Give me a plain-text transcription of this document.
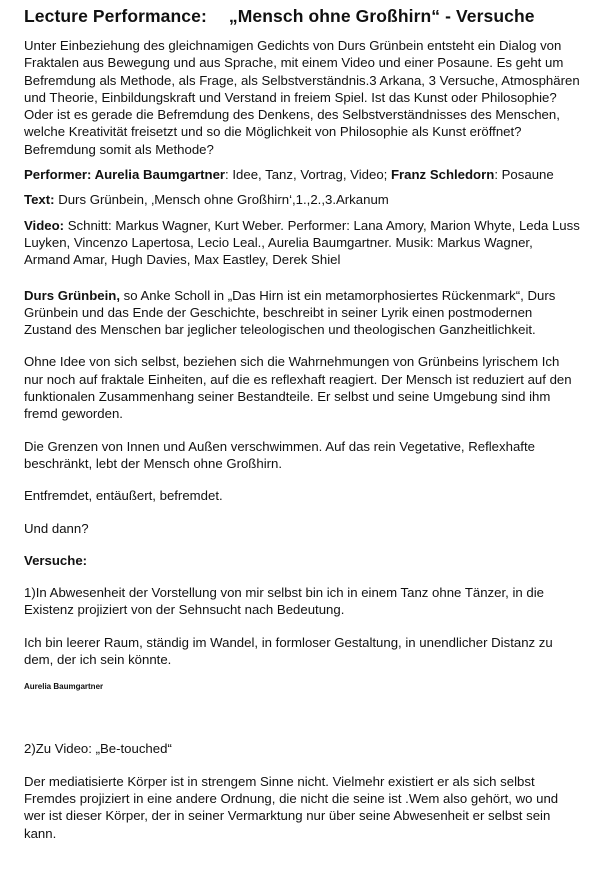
Lecture Performance: „Mensch ohne Großhirn“ - Versuche

Unter Einbeziehung des gleichnamigen Gedichts von Durs Grünbein entsteht ein Dialog von Fraktalen aus Bewegung und aus Sprache, mit einem Video und einer Posaune. Es geht um Befremdung als Methode, als Frage, als Selbstverständnis.3 Arkana, 3 Versuche, Atmosphären und Theorie, Einbildungskraft und Verstand in freiem Spiel. Ist das Kunst oder Philosophie? Oder ist es gerade die Befremdung des Denkens, des Selbstverständnisses des Menschen, welche Kreativität freisetzt und so die Möglichkeit von Philosophie als Kunst eröffnet? Befremdung somit als Methode?

Performer: Aurelia Baumgartner: Idee, Tanz, Vortrag, Video; Franz Schledorn: Posaune

Text: Durs Grünbein, ‚Mensch ohne Großhirn‘,1.,2.,3.Arkanum

Video: Schnitt: Markus Wagner, Kurt Weber. Performer: Lana Amory, Marion Whyte, Leda Luss Luyken, Vincenzo Lapertosa, Lecio Leal., Aurelia Baumgartner. Musik: Markus Wagner, Armand Amar, Hugh Davies, Max Eastley, Derek Shiel

Durs Grünbein, so Anke Scholl in „Das Hirn ist ein metamorphosiertes Rückenmark“, Durs Grünbein und das Ende der Geschichte, beschreibt in seiner Lyrik einen postmodernen Zustand des Menschen bar jeglicher teleologischen und theologischen Ganzheitlichkeit.

Ohne Idee von sich selbst, beziehen sich die Wahrnehmungen von Grünbeins lyrischem Ich nur noch auf fraktale Einheiten, auf die es reflexhaft reagiert. Der Mensch ist reduziert auf den funktionalen Zusammenhang seiner Bestandteile. Er selbst und seine Umgebung sind ihm fremd geworden.

Die Grenzen von Innen und Außen verschwimmen. Auf das rein Vegetative, Reflexhafte beschränkt, lebt der Mensch ohne Großhirn.

Entfremdet, entäußert, befremdet.

Und dann?

Versuche:

1)In Abwesenheit der Vorstellung von mir selbst bin ich in einem Tanz ohne Tänzer, in die Existenz projiziert von der Sehnsucht nach Bedeutung.

Ich bin leerer Raum, ständig im Wandel, in formloser Gestaltung, in unendlicher Distanz zu dem, der ich sein könnte.

Aurelia Baumgartner

2)Zu Video: „Be-touched“

Der mediatisierte Körper ist in strengem Sinne nicht. Vielmehr existiert er als sich selbst Fremdes projiziert in eine andere Ordnung, die nicht die seine ist .Wem also gehört, wo und wer ist dieser Körper, der in seiner Vermarktung nur über seine Abwesenheit er selbst sein kann.
